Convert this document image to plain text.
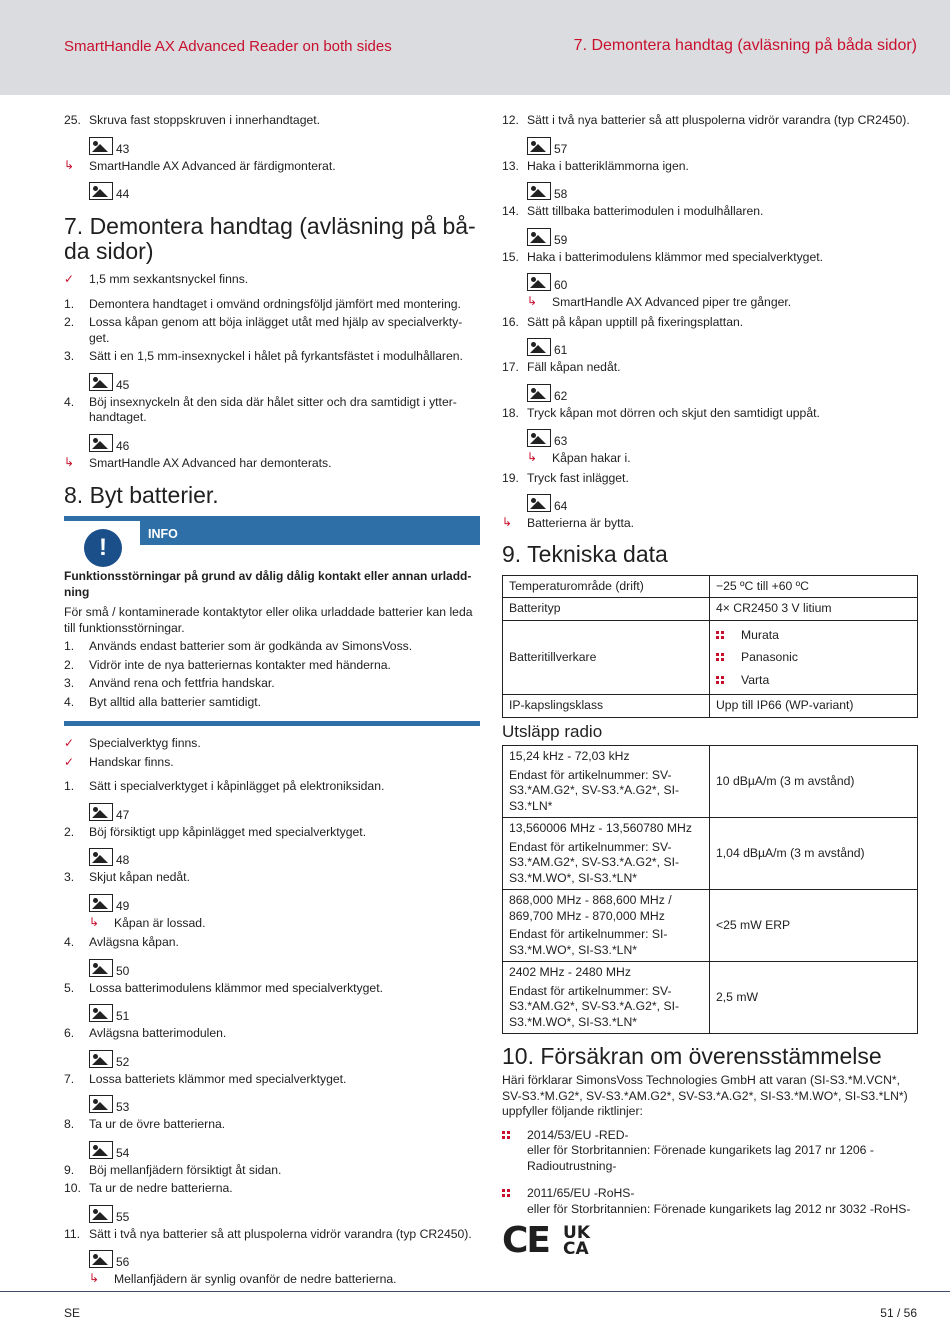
SmartHandle AX Advanced Reader on both sides	7. Demontera handtag (avläsning på båda sidor)
25. Skruva fast stoppskruven i innerhandtaget.
43
↳ SmartHandle AX Advanced är färdigmonterat.
44
7. Demontera handtag (avläsning på bå-
da sidor)
✓ 1,5 mm sexkantsnyckel finns.
1. Demontera handtaget i omvänd ordningsföljd jämfört med montering.
2. Lossa kåpan genom att böja inlägget utåt med hjälp av specialverkty-get.
3. Sätt i en 1,5 mm-insexnyckel i hålet på fyrkantsfästet i modulhållaren.
45
4. Böj insexnyckeln åt den sida där hålet sitter och dra samtidigt i ytter-handtaget.
46
↳ SmartHandle AX Advanced har demonterats.
8. Byt batterier.
!	INFO
Funktionsstörningar på grund av dålig dålig kontakt eller annan urladd-ning
För små / kontaminerade kontaktytor eller olika urladdade batterier kan leda till funktionsstörningar.
1. Används endast batterier som är godkända av SimonsVoss.
2. Vidrör inte de nya batteriernas kontakter med händerna.
3. Använd rena och fettfria handskar.
4. Byt alltid alla batterier samtidigt.
✓ Specialverktyg finns.
✓ Handskar finns.
1. Sätt i specialverktyget i kåpinlägget på elektroniksidan.
47
2. Böj försiktigt upp kåpinlägget med specialverktyget.
48
3. Skjut kåpan nedåt.
49
↳ Kåpan är lossad.
4. Avlägsna kåpan.
50
5. Lossa batterimodulens klämmor med specialverktyget.
51
6. Avlägsna batterimodulen.
52
7. Lossa batteriets klämmor med specialverktyget.
53
8. Ta ur de övre batterierna.
54
9. Böj mellanfjädern försiktigt åt sidan.
10. Ta ur de nedre batterierna.
55
11. Sätt i två nya batterier så att pluspolerna vidrör varandra (typ CR2450).
56
↳ Mellanfjädern är synlig ovanför de nedre batterierna.
12. Sätt i två nya batterier så att pluspolerna vidrör varandra (typ CR2450).
57
13. Haka i batteriklämmorna igen.
58
14. Sätt tillbaka batterimodulen i modulhållaren.
59
15. Haka i batterimodulens klämmor med specialverktyget.
60
↳ SmartHandle AX Advanced piper tre gånger.
16. Sätt på kåpan upptill på fixeringsplattan.
61
17. Fäll kåpan nedåt.
62
18. Tryck kåpan mot dörren och skjut den samtidigt uppåt.
63
↳ Kåpan hakar i.
19. Tryck fast inlägget.
64
↳ Batterierna är bytta.
9. Tekniska data
Temperaturområde (drift)	−25 ºC till +60 ºC
Batterityp	4× CR2450 3 V litium
Batteritillverkare	Murata
Panasonic
Varta

IP-kapslingsklass	Upp till IP66 (WP-variant)
Utsläpp radio
15,24 kHz - 72,03 kHz
Endast för artikelnummer: SV-S3.*AM.G2*, SV-S3.*A.G2*, SI-S3.*LN*	10 dBµA/m (3 m avstånd)

13,560006 MHz - 13,560780 MHz
Endast för artikelnummer: SV-S3.*AM.G2*, SV-S3.*A.G2*, SI-S3.*M.WO*, SI-S3.*LN*	1,04 dBµA/m (3 m avstånd)

868,000 MHz - 868,600 MHz / 869,700 MHz - 870,000 MHz
Endast för artikelnummer: SI-S3.*M.WO*, SI-S3.*LN*	<25 mW ERP

2402 MHz - 2480 MHz
Endast för artikelnummer: SV-S3.*AM.G2*, SV-S3.*A.G2*, SI-S3.*M.WO*, SI-S3.*LN*	2,5 mW
10. Försäkran om överensstämmelse
Häri förklarar SimonsVoss Technologies GmbH att varan (SI-S3.*M.VCN*, SV-S3.*M.G2*, SV-S3.*AM.G2*, SV-S3.*A.G2*, SI-S3.*M.WO*, SI-S3.*LN*) uppfyller följande riktlinjer:
2014/53/EU -RED-
eller för Storbritannien: Förenade kungarikets lag 2017 nr 1206 -Radioutrustning-
2011/65/EU -RoHS-
eller för Storbritannien: Förenade kungarikets lag 2012 nr 3032 -RoHS-
CE UK
CA
SE	51 / 56
